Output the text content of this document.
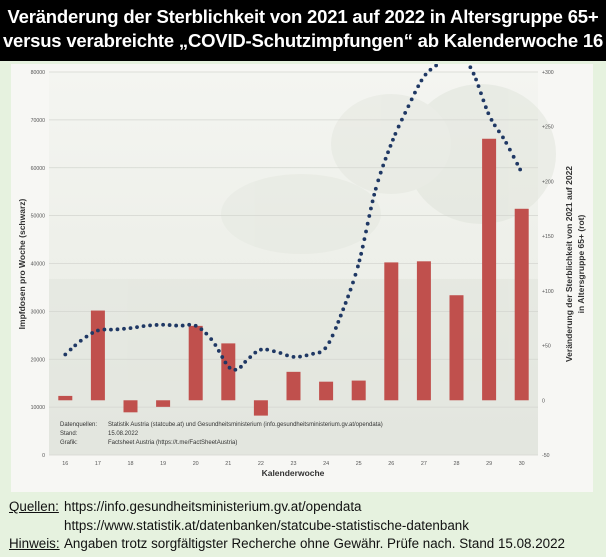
Veränderung der Sterblichkeit von 2021 auf 2022 in Altersgruppe 65+
versus verabreichte „COVID-Schutzimpfungen“ ab Kalenderwoche 16
0
10000
20000
30000
40000
50000
60000
70000
80000
-50
0
+50
+100
+150
+200
+250
+300
16	17	18	19	20	21	22	23	24	25	26	27	28	29	30
Kalenderwoche
Impfdosen pro Woche (schwarz)	Veränderung der Sterblichkeit von 2021 auf 2022 in Altersgruppe 65+ (rot)
Datenquellen: Statistik Austria (statcube.at) und Gesundheitsministerium (info.gesundheitsministerium.gv.at/opendata)
Stand:	15.08.2022
Grafik:	Factsheet Austria (https://t.me/FactSheetAustria)
Quellen: https://info.gesundheitsministerium.gv.at/opendata
https://www.statistik.at/datenbanken/statcube-statistische-datenbank
Hinweis: Angaben trotz sorgfältigster Recherche ohne Gewähr. Prüfe nach. Stand 15.08.2022
